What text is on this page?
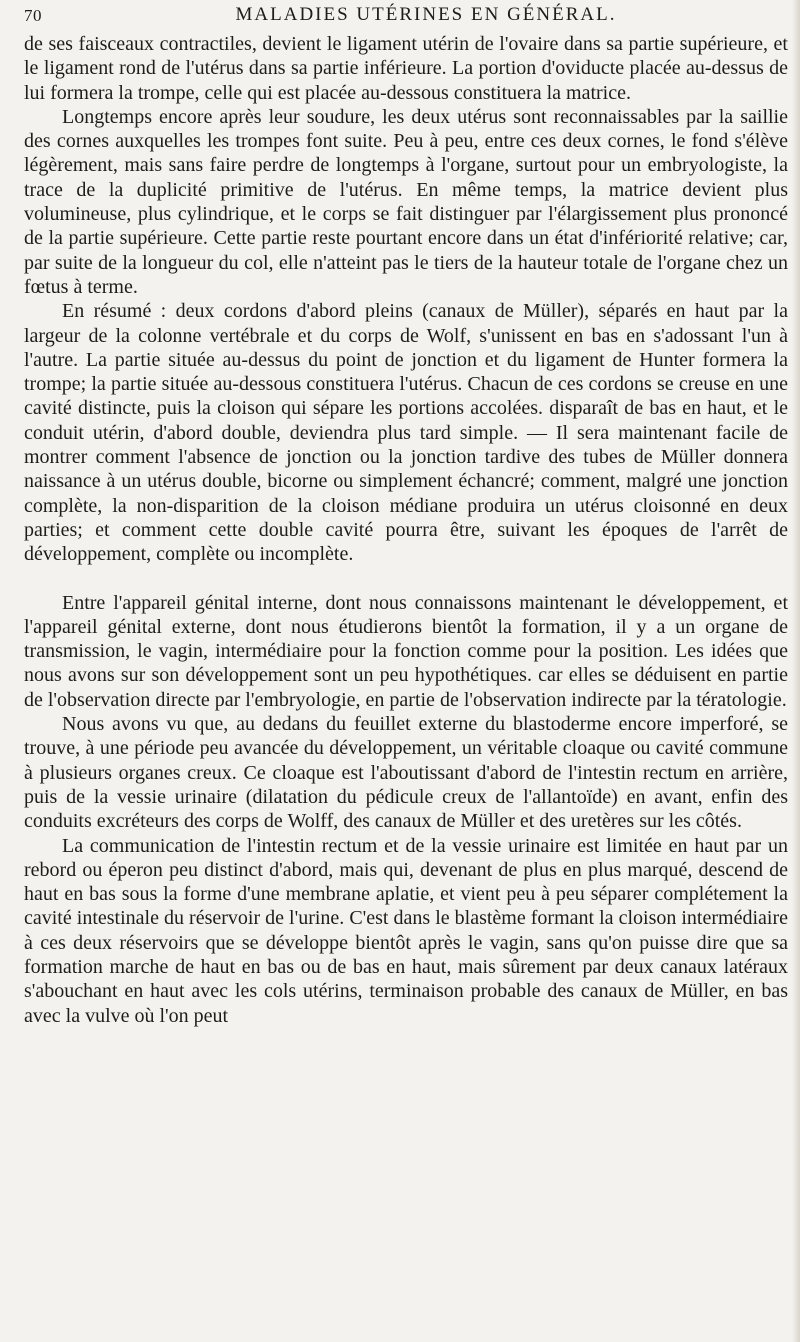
70	MALADIES UTÉRINES EN GÉNÉRAL.

de ses faisceaux contractiles, devient le ligament utérin de l'ovaire dans sa partie supérieure, et le ligament rond de l'utérus dans sa partie inférieure. La portion d'oviducte placée au-dessus de lui formera la trompe, celle qui est placée au-dessous constituera la matrice.

Longtemps encore après leur soudure, les deux utérus sont reconnaissables par la saillie des cornes auxquelles les trompes font suite. Peu à peu, entre ces deux cornes, le fond s'élève légèrement, mais sans faire perdre de longtemps à l'organe, surtout pour un embryologiste, la trace de la duplicité primitive de l'utérus. En même temps, la matrice devient plus volumineuse, plus cylindrique, et le corps se fait distinguer par l'élargissement plus prononcé de la partie supérieure. Cette partie reste pourtant encore dans un état d'infériorité relative; car, par suite de la longueur du col, elle n'atteint pas le tiers de la hauteur totale de l'organe chez un fœtus à terme.

En résumé : deux cordons d'abord pleins (canaux de Müller), séparés en haut par la largeur de la colonne vertébrale et du corps de Wolf, s'unissent en bas en s'adossant l'un à l'autre. La partie située au-dessus du point de jonction et du ligament de Hunter formera la trompe; la partie située au-dessous constituera l'utérus. Chacun de ces cordons se creuse en une cavité distincte, puis la cloison qui sépare les portions accolées. disparaît de bas en haut, et le conduit utérin, d'abord double, deviendra plus tard simple. — Il sera maintenant facile de montrer comment l'absence de jonction ou la jonction tardive des tubes de Müller donnera naissance à un utérus double, bicorne ou simplement échancré; comment, malgré une jonction complète, la non-disparition de la cloison médiane produira un utérus cloisonné en deux parties; et comment cette double cavité pourra être, suivant les époques de l'arrêt de développement, complète ou incomplète.

Entre l'appareil génital interne, dont nous connaissons maintenant le développement, et l'appareil génital externe, dont nous étudierons bientôt la formation, il y a un organe de transmission, le vagin, intermédiaire pour la fonction comme pour la position. Les idées que nous avons sur son développement sont un peu hypothétiques. car elles se déduisent en partie de l'observation directe par l'embryologie, en partie de l'observation indirecte par la tératologie.

Nous avons vu que, au dedans du feuillet externe du blastoderme encore imperforé, se trouve, à une période peu avancée du développement, un véritable cloaque ou cavité commune à plusieurs organes creux. Ce cloaque est l'aboutissant d'abord de l'intestin rectum en arrière, puis de la vessie urinaire (dilatation du pédicule creux de l'allantoïde) en avant, enfin des conduits excréteurs des corps de Wolff, des canaux de Müller et des uretères sur les côtés.

La communication de l'intestin rectum et de la vessie urinaire est limitée en haut par un rebord ou éperon peu distinct d'abord, mais qui, devenant de plus en plus marqué, descend de haut en bas sous la forme d'une membrane aplatie, et vient peu à peu séparer complétement la cavité intestinale du réservoir de l'urine. C'est dans le blastème formant la cloison intermédiaire à ces deux réservoirs que se développe bientôt après le vagin, sans qu'on puisse dire que sa formation marche de haut en bas ou de bas en haut, mais sûrement par deux canaux latéraux s'abouchant en haut avec les cols utérins, terminaison probable des canaux de Müller, en bas avec la vulve où l'on peut
